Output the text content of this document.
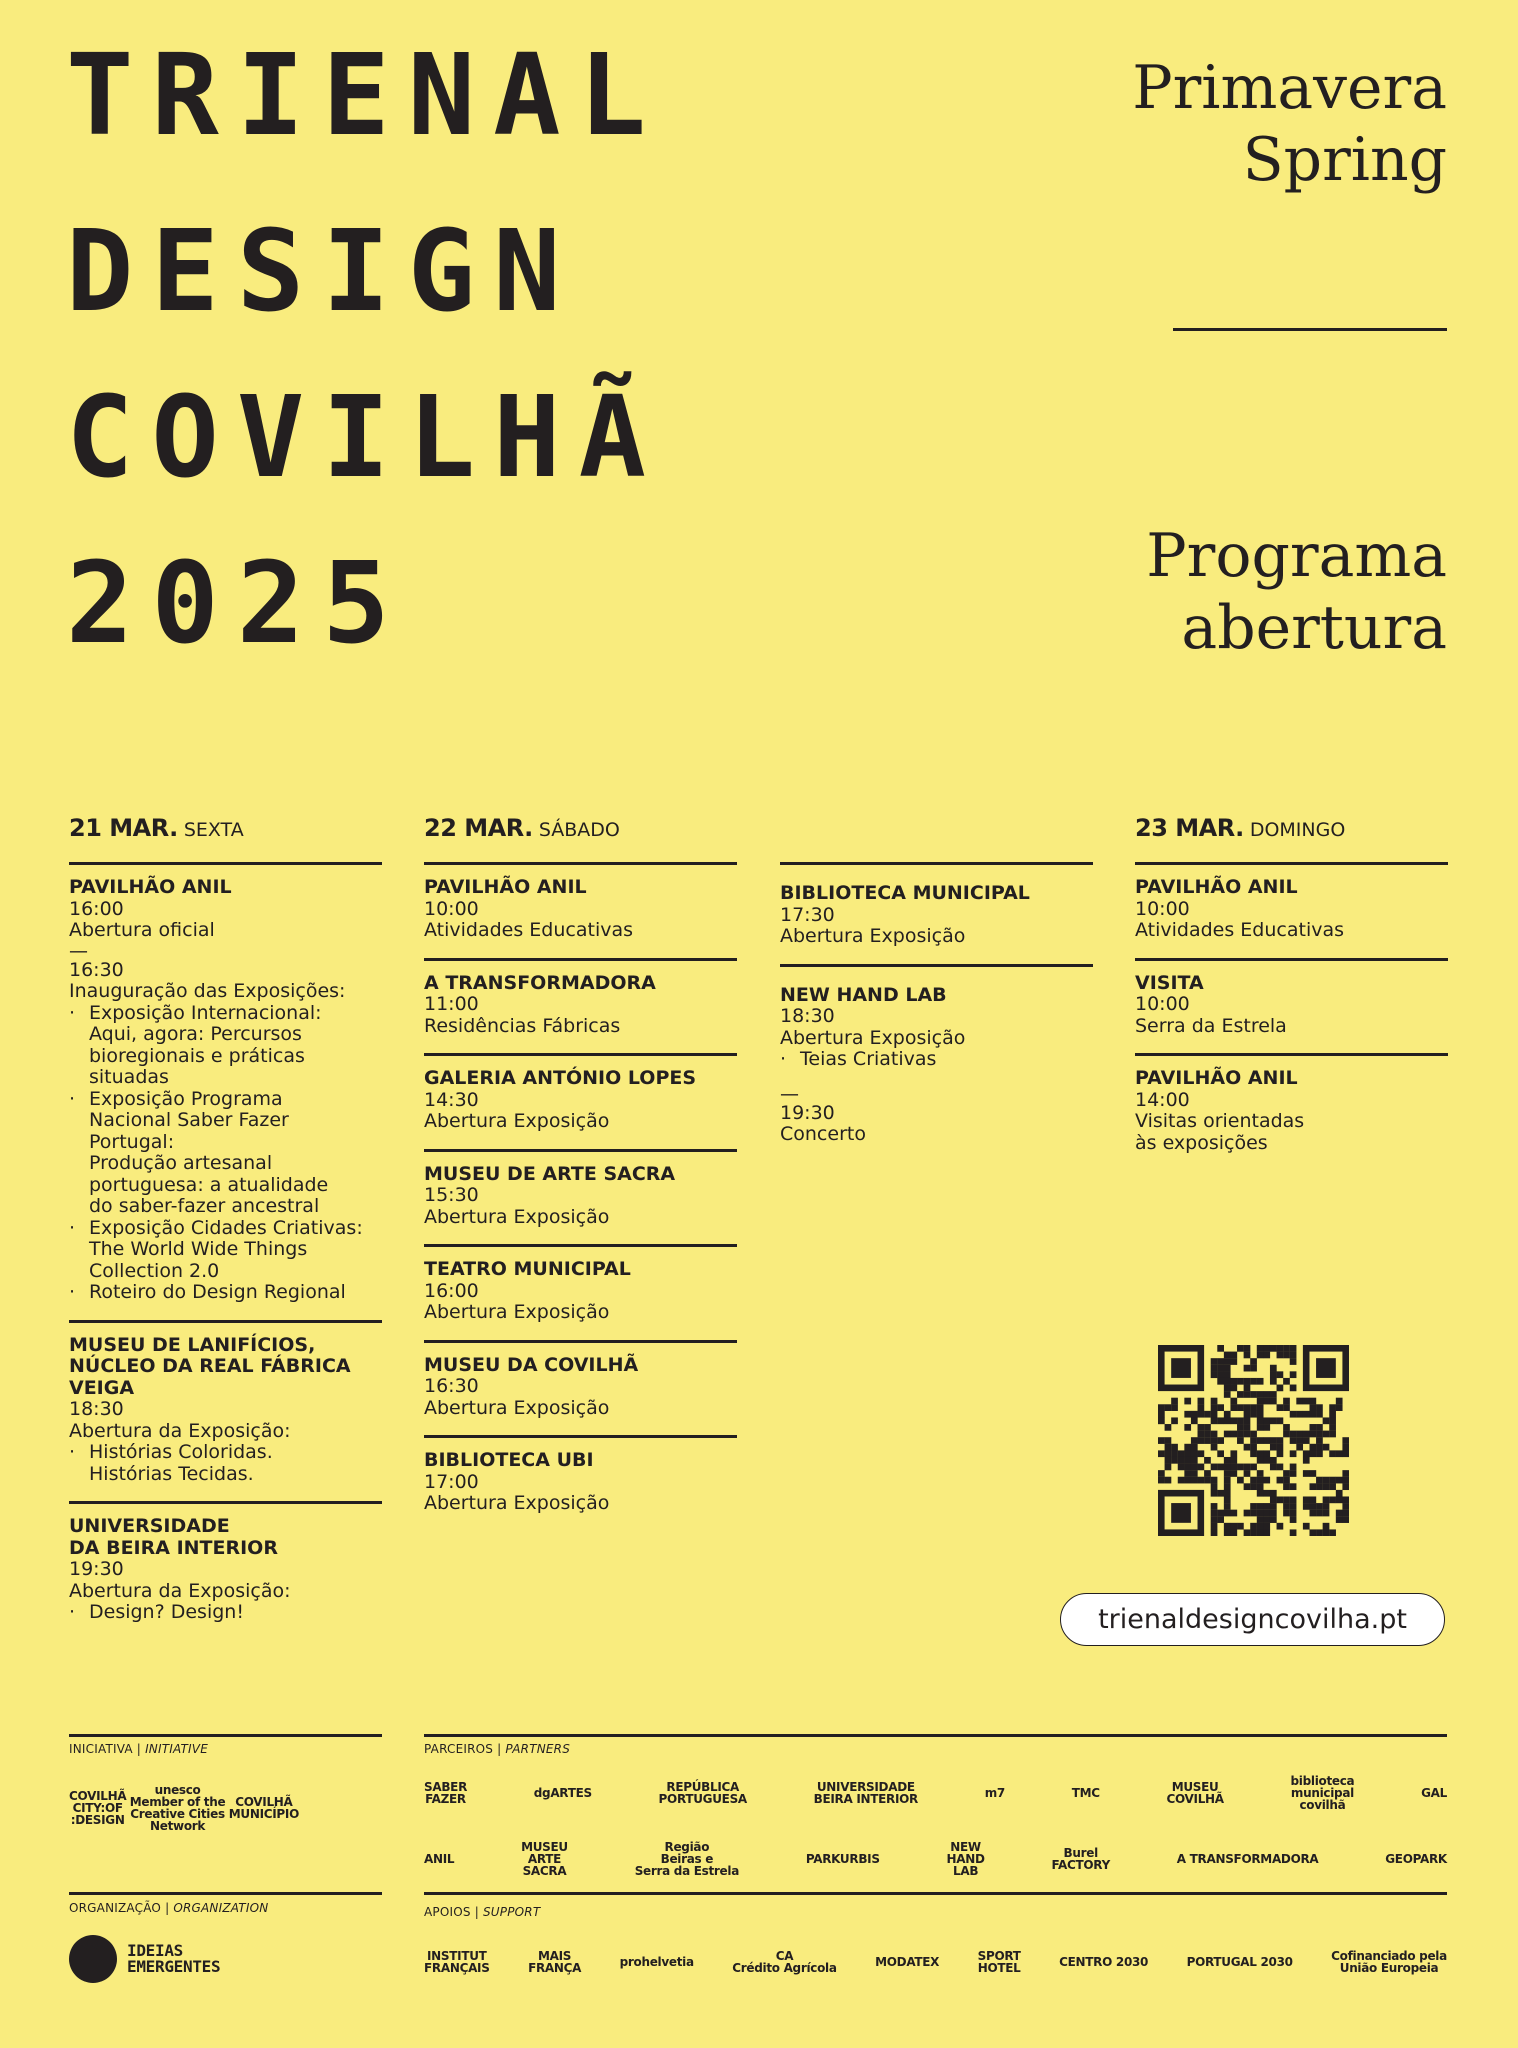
TRIENAL
DESIGN
COVILHÃ
2025
Primavera
Spring
Programa
abertura
21 MAR. SEXTA
PAVILHÃO ANIL
16:00
Abertura oficial
—
16:30
Inauguração das Exposições:
· Exposição Internacional:
Aqui, agora: Percursos
bioregionais e práticas
situadas
· Exposição Programa
Nacional Saber Fazer
Portugal:
Produção artesanal
portuguesa: a atualidade
do saber-fazer ancestral
· Exposição Cidades Criativas:
The World Wide Things
Collection 2.0
· Roteiro do Design Regional
MUSEU DE LANIFÍCIOS,
NÚCLEO DA REAL FÁBRICA
VEIGA
18:30
Abertura da Exposição:
· Histórias Coloridas.
Histórias Tecidas.
UNIVERSIDADE
DA BEIRA INTERIOR
19:30
Abertura da Exposição:
· Design? Design!
22 MAR. SÁBADO
PAVILHÃO ANIL
10:00
Atividades Educativas
A TRANSFORMADORA
11:00
Residências Fábricas
GALERIA ANTÓNIO LOPES
14:30
Abertura Exposição
MUSEU DE ARTE SACRA
15:30
Abertura Exposição
TEATRO MUNICIPAL
16:00
Abertura Exposição
MUSEU DA COVILHÃ
16:30
Abertura Exposição
BIBLIOTECA UBI
17:00
Abertura Exposição
BIBLIOTECA MUNICIPAL
17:30
Abertura Exposição
NEW HAND LAB
18:30
Abertura Exposição
· Teias Criativas
—
19:30
Concerto
23 MAR. DOMINGO
PAVILHÃO ANIL
10:00
Atividades Educativas
VISITA
10:00
Serra da Estrela
PAVILHÃO ANIL
14:00
Visitas orientadas
às exposições
trienaldesigncovilha.pt
INICIATIVA | INITIATIVE	PARCEIROS | PARTNERS
COVILHÃ
CITY:OF
:DESIGN
unesco
Member of the Creative Cities Network
COVILHÃ
MUNICÍPIO
SABER
FAZER	dgARTES	REPÚBLICA
PORTUGUESA
UNIVERSIDADE
BEIRA INTERIOR	m7	TMC	MUSEU
COVILHÃ
biblioteca
municipal
covilhã
GAL
ANIL
MUSEU
ARTE
SACRA
Região
Beiras e
Serra da Estrela
PARKURBIS
NEW
HAND
LAB
Burel
FACTORY	A TRANSFORMADORA	GEOPARK
ORGANIZAÇÃO | ORGANIZATION	APOIOS | SUPPORT
IDEIAS
EMERGENTES
INSTITUT
FRANÇAIS
MAIS
FRANÇA	prohelvetia	CA
Crédito Agrícola	MODATEX	SPORT
HOTEL	CENTRO 2030	PORTUGAL 2030	Cofinanciado pela
União Europeia
